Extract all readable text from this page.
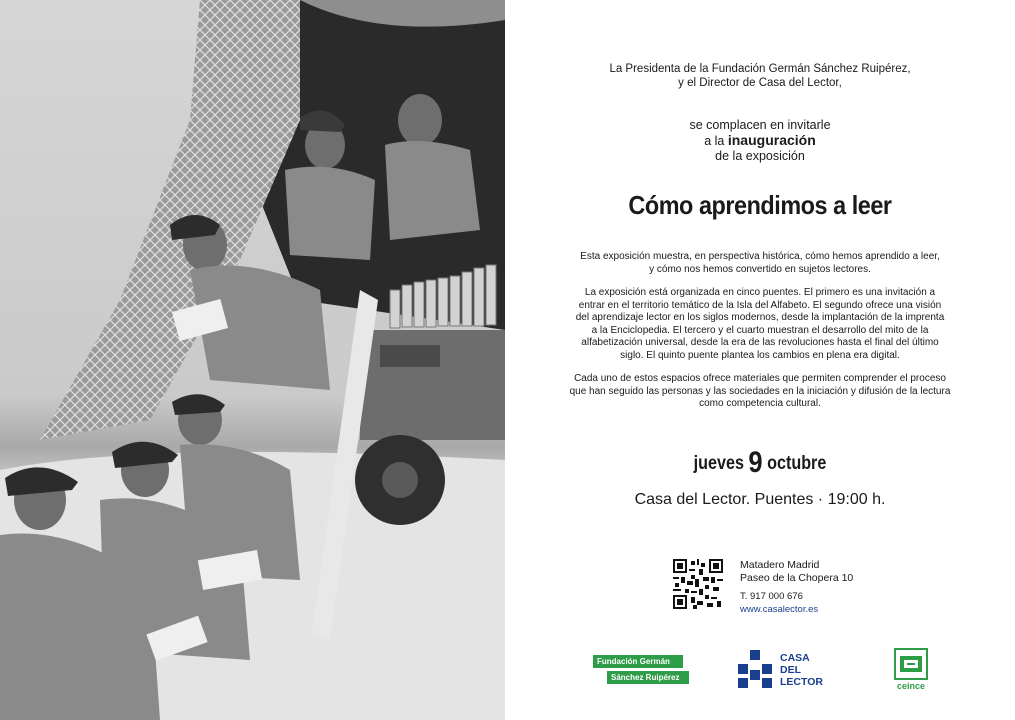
La Presidenta de la Fundación Germán Sánchez Ruipérez,
y el Director de Casa del Lector,
se complacen en invitarle
a la inauguración
de la exposición
Cómo aprendimos a leer
Esta exposición muestra, en perspectiva histórica, cómo hemos aprendido a leer,
y cómo nos hemos convertido en sujetos lectores.
La exposición está organizada en cinco puentes. El primero es una invitación a
entrar en el territorio temático de la Isla del Alfabeto. El segundo ofrece una visión
del aprendizaje lector en los siglos modernos, desde la implantación de la imprenta
a la Enciclopedia. El tercero y el cuarto muestran el desarrollo del mito de la
alfabetización universal, desde la era de las revoluciones hasta el final del último
siglo. El quinto puente plantea los cambios en plena era digital.
Cada uno de estos espacios ofrece materiales que permiten comprender el proceso
que han seguido las personas y las sociedades en la iniciación y difusión de la lectura
como competencia cultural.
jueves 9 octubre
Casa del Lector. Puentes · 19:00 h.
Matadero Madrid
Paseo de la Chopera 10
T. 917 000 676
www.casalector.es
Fundación Germán
Sánchez Ruipérez
CASA
DEL
LECTOR	ceince
